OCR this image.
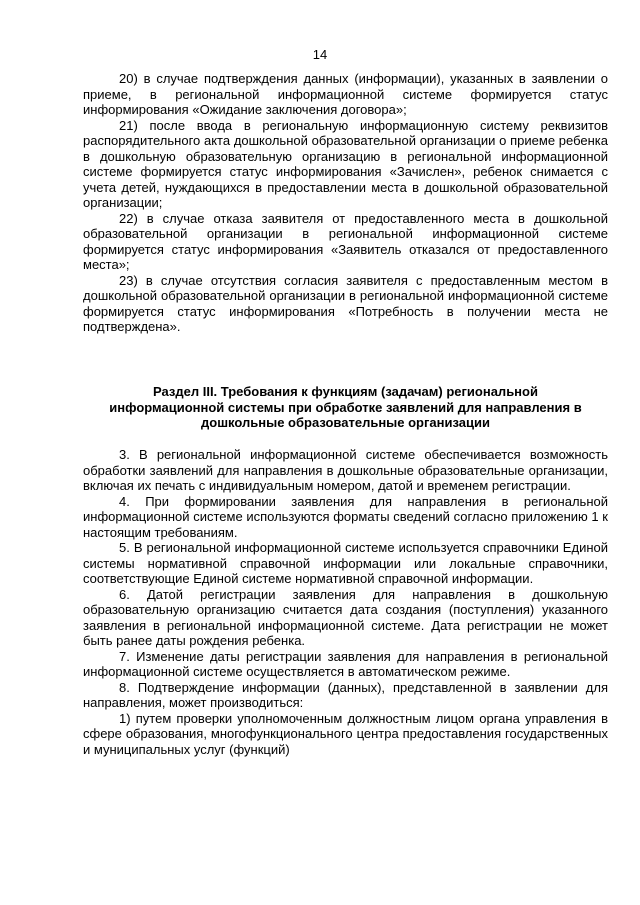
14

20) в случае подтверждения данных (информации), указанных в заявлении о приеме, в региональной информационной системе формируется статус информирования «Ожидание заключения договора»;

21) после ввода в региональную информационную систему реквизитов распорядительного акта дошкольной образовательной организации о приеме ребенка в дошкольную образовательную организацию в региональной информационной системе формируется статус информирования «Зачислен», ребенок снимается с учета детей, нуждающихся в предоставлении места в дошкольной образовательной организации;

22) в случае отказа заявителя от предоставленного места в дошкольной образовательной организации в региональной информационной системе формируется статус информирования «Заявитель отказался от предоставленного места»;

23) в случае отсутствия согласия заявителя с предоставленным местом в дошкольной образовательной организации в региональной информационной системе формируется статус информирования «Потребность в получении места не подтверждена».

Раздел III. Требования к функциям (задачам) региональной
информационной системы при обработке заявлений для направления в
дошкольные образовательные организации

3. В региональной информационной системе обеспечивается возможность обработки заявлений для направления в дошкольные образовательные организации, включая их печать с индивидуальным номером, датой и временем регистрации.

4. При формировании заявления для направления в региональной информационной системе используются форматы сведений согласно приложению 1 к настоящим требованиям.

5. В региональной информационной системе используется справочники Единой системы нормативной справочной информации или локальные справочники, соответствующие Единой системе нормативной справочной информации.

6. Датой регистрации заявления для направления в дошкольную образовательную организацию считается дата создания (поступления) указанного заявления в региональной информационной системе. Дата регистрации не может быть ранее даты рождения ребенка.

7. Изменение даты регистрации заявления для направления в региональной информационной системе осуществляется в автоматическом режиме.

8. Подтверждение информации (данных), представленной в заявлении для направления, может производиться:

1) путем проверки уполномоченным должностным лицом органа управления в сфере образования, многофункционального центра предоставления государственных и муниципальных услуг (функций)
